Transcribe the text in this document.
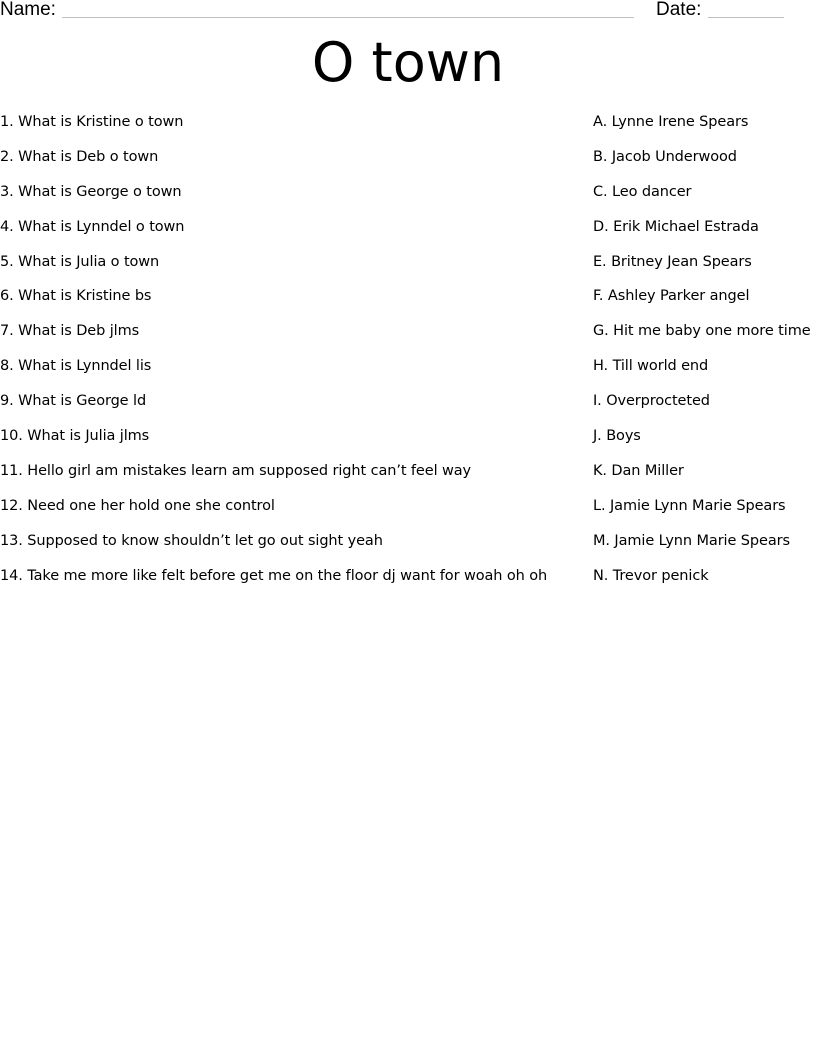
Name:	Date:
O town
1. What is Kristine o town
2. What is Deb o town
3. What is George o town
4. What is Lynndel o town
5. What is Julia o town
6. What is Kristine bs
7. What is Deb jlms
8. What is Lynndel lis
9. What is George ld
10. What is Julia jlms
11. Hello girl am mistakes learn am supposed right can’t feel way
12. Need one her hold one she control
13. Supposed to know shouldn’t let go out sight yeah
14. Take me more like felt before get me on the floor dj want for woah oh oh
A. Lynne Irene Spears
B. Jacob Underwood
C. Leo dancer
D. Erik Michael Estrada
E. Britney Jean Spears
F. Ashley Parker angel
G. Hit me baby one more time
H. Till world end
I. Overprocteted
J. Boys
K. Dan Miller
L. Jamie Lynn Marie Spears
M. Jamie Lynn Marie Spears
N. Trevor penick
